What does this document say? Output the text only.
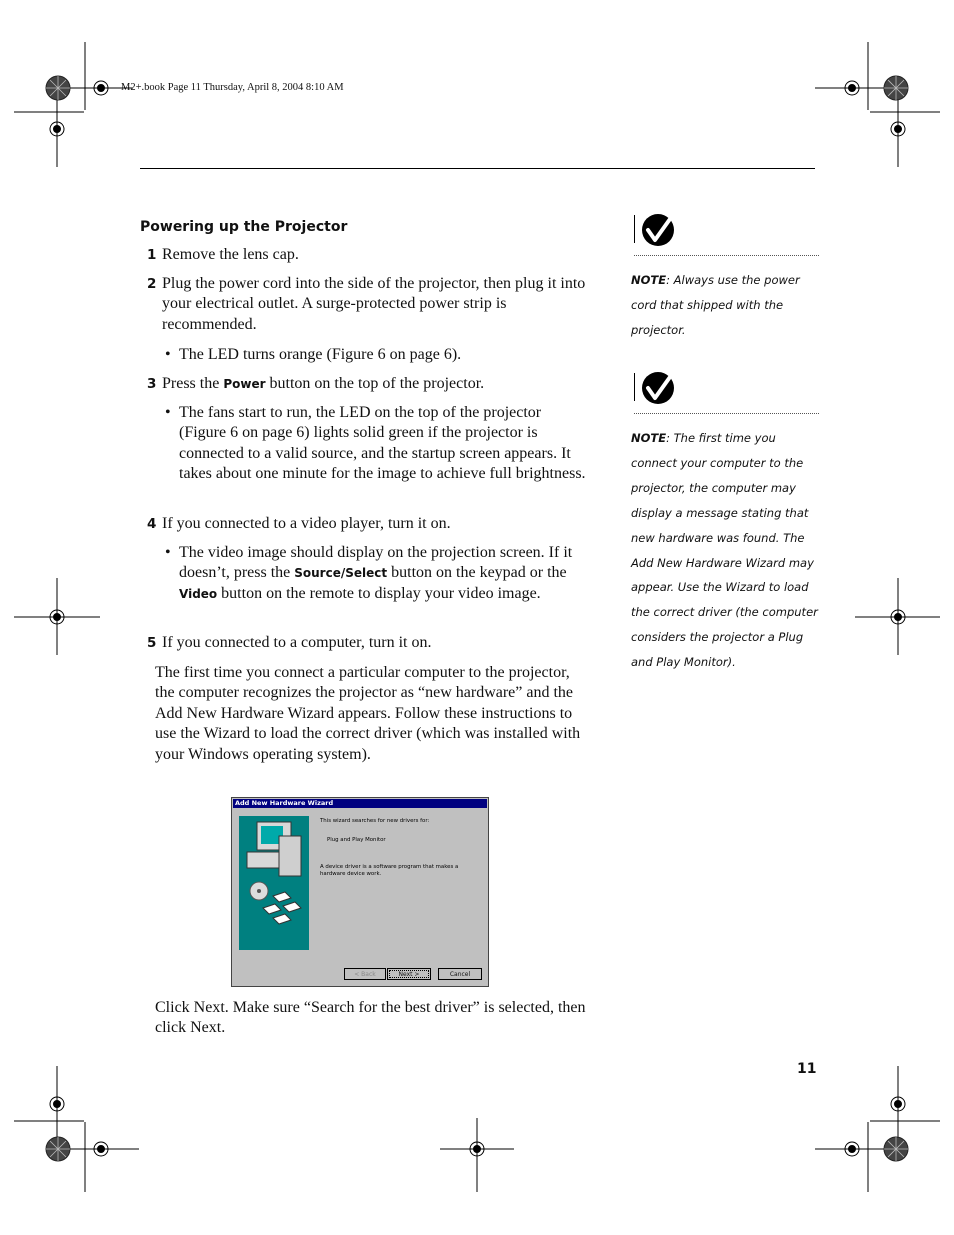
M2+.book Page 11 Thursday, April 8, 2004 8:10 AM
Powering up the Projector
1 Remove the lens cap.
2 Plug the power cord into the side of the projector, then plug it into your electrical outlet. A surge-protected power strip is recommended.
• The LED turns orange (Figure 6 on page 6).
3 Press the Power button on the top of the projector.
• The fans start to run, the LED on the top of the projector (Figure 6 on page 6) lights solid green if the projector is connected to a valid source, and the startup screen appears. It takes about one minute for the image to achieve full brightness.
4 If you connected to a video player, turn it on.
• The video image should display on the projection screen. If it doesn’t, press the Source/Select button on the keypad or the Video button on the remote to display your video image.
5 If you connected to a computer, turn it on.
The first time you connect a particular computer to the projector, the computer recognizes the projector as “new hardware” and the Add New Hardware Wizard appears. Follow these instructions to use the Wizard to load the correct driver (which was installed with your Windows operating system).
Add New Hardware Wizard
This wizard searches for new drivers for:
Plug and Play Monitor
A device driver is a software program that makes a hardware device work.
< Back	Next >	Cancel
Click Next. Make sure “Search for the best driver” is selected, then click Next.
NOTE: Always use the power cord that shipped with the projector.
NOTE: The first time you connect your computer to the projector, the computer may display a message stating that new hardware was found. The Add New Hardware Wizard may appear. Use the Wizard to load the correct driver (the computer considers the projector a Plug and Play Monitor).
11
